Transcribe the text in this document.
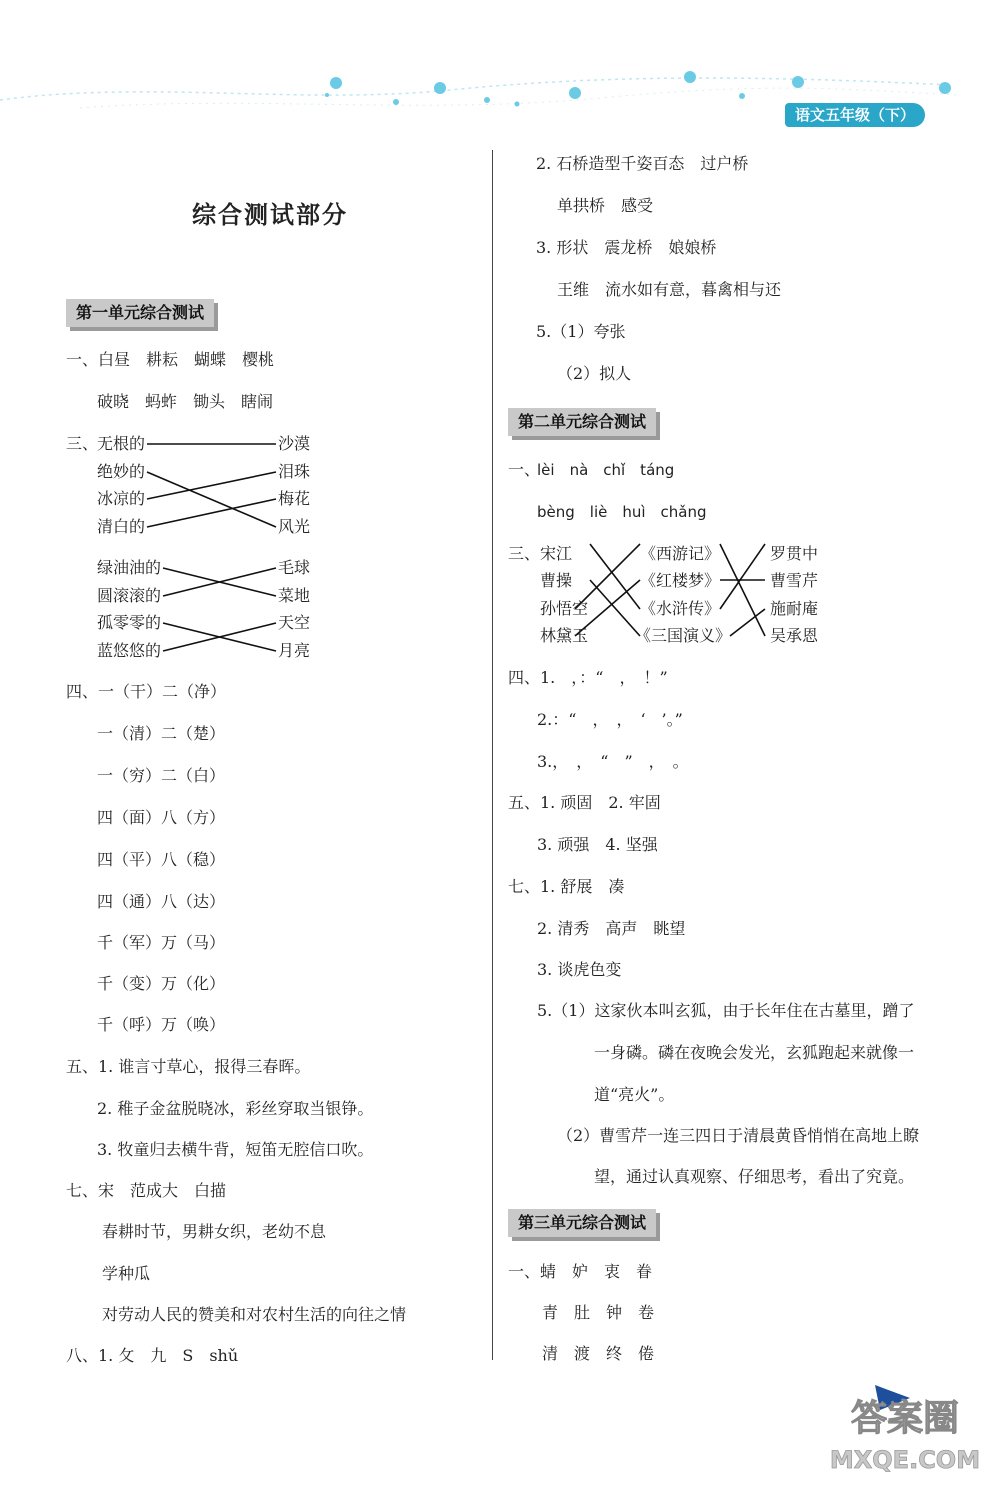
语文五年级（下）
综合测试部分
第一单元综合测试
一、白昼　耕耘　蝴蝶　樱桃
破晓　蚂蚱　锄头　瞎闹
三、
无根的
绝妙的
冰凉的
清白的
沙漠
泪珠
梅花
风光
绿油油的
圆滚滚的
孤零零的
蓝悠悠的
毛球
菜地
天空
月亮
四、一（干）二（净）
一（清）二（楚）
一（穷）二（白）
四（面）八（方）
四（平）八（稳）
四（通）八（达）
千（军）万（马）
千（变）万（化）
千（呼）万（唤）
五、1. 谁言寸草心，报得三春晖。
2. 稚子金盆脱晓冰，彩丝穿取当银铮。
3. 牧童归去横牛背，短笛无腔信口吹。
七、宋　范成大　白描
春耕时节，男耕女织，老幼不息
学种瓜
对劳动人民的赞美和对农村生活的向往之情
八、1. 攵　九　S　shǔ
2. 石桥造型千姿百态　过户桥
单拱桥　感受
3. 形状　震龙桥　娘娘桥
王维　流水如有意，暮禽相与还
5.（1）夸张
（2）拟人
第二单元综合测试
一、
lèi　nà　chǐ　táng
bèng　liè　huì　chǎng
三、 宋江
曹操
孙悟空
林黛玉
《西游记》
《红楼梦》
《水浒传》
《三国演义》
罗贯中
曹雪芹
施耐庵
吴承恩
四、1.　，：“　，　！”
2.：“　，　，　‘　’。”
3.，　，　“　”　，　。
五、1. 顽固　2. 牢固
3. 顽强　4. 坚强
七、1. 舒展　凑
2. 清秀　高声　眺望
3. 谈虎色变
5.（1）这家伙本叫玄狐，由于长年住在古墓里，蹭了
一身磷。磷在夜晚会发光，玄狐跑起来就像一
道“亮火”。
（2）曹雪芹一连三四日于清晨黄昏悄悄在高地上瞭
望，通过认真观察、仔细思考，看出了究竟。
第三单元综合测试
一、蜻　妒　衷　眷
青　肚　钟　卷
清　渡　终　倦
答案圈
MXQE.COM
